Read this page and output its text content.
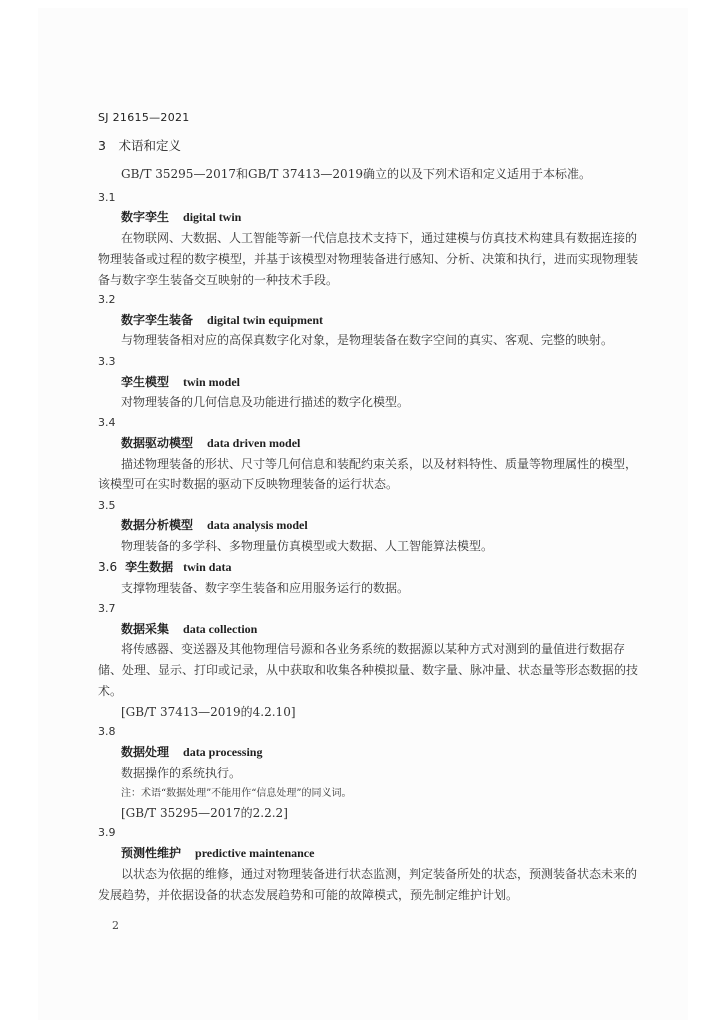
SJ 21615—2021
3　术语和定义
GB/T 35295—2017和GB/T 37413—2019确立的以及下列术语和定义适用于本标准。
3.1
数字孪生 digital twin
在物联网、大数据、人工智能等新一代信息技术支持下，通过建模与仿真技术构建具有数据连接的
物理装备或过程的数字模型，并基于该模型对物理装备进行感知、分析、决策和执行，进而实现物理装
备与数字孪生装备交互映射的一种技术手段。
3.2
数字孪生装备 digital twin equipment
与物理装备相对应的高保真数字化对象，是物理装备在数字空间的真实、客观、完整的映射。
3.3
孪生模型 twin model
对物理装备的几何信息及功能进行描述的数字化模型。
3.4
数据驱动模型 data driven model
描述物理装备的形状、尺寸等几何信息和装配约束关系，以及材料特性、质量等物理属性的模型，
该模型可在实时数据的驱动下反映物理装备的运行状态。
3.5
数据分析模型 data analysis model
物理装备的多学科、多物理量仿真模型或大数据、人工智能算法模型。
3.6 孪生数据 twin data
支撑物理装备、数字孪生装备和应用服务运行的数据。
3.7
数据采集 data collection
将传感器、变送器及其他物理信号源和各业务系统的数据源以某种方式对测到的量值进行数据存
储、处理、显示、打印或记录，从中获取和收集各种模拟量、数字量、脉冲量、状态量等形态数据的技
术。
[GB/T 37413—2019的4.2.10]
3.8
数据处理 data processing
数据操作的系统执行。
注：术语“数据处理”不能用作“信息处理”的同义词。
[GB/T 35295—2017的2.2.2]
3.9
预测性维护 predictive maintenance
以状态为依据的维修，通过对物理装备进行状态监测，判定装备所处的状态，预测装备状态未来的
发展趋势，并依据设备的状态发展趋势和可能的故障模式，预先制定维护计划。
2
